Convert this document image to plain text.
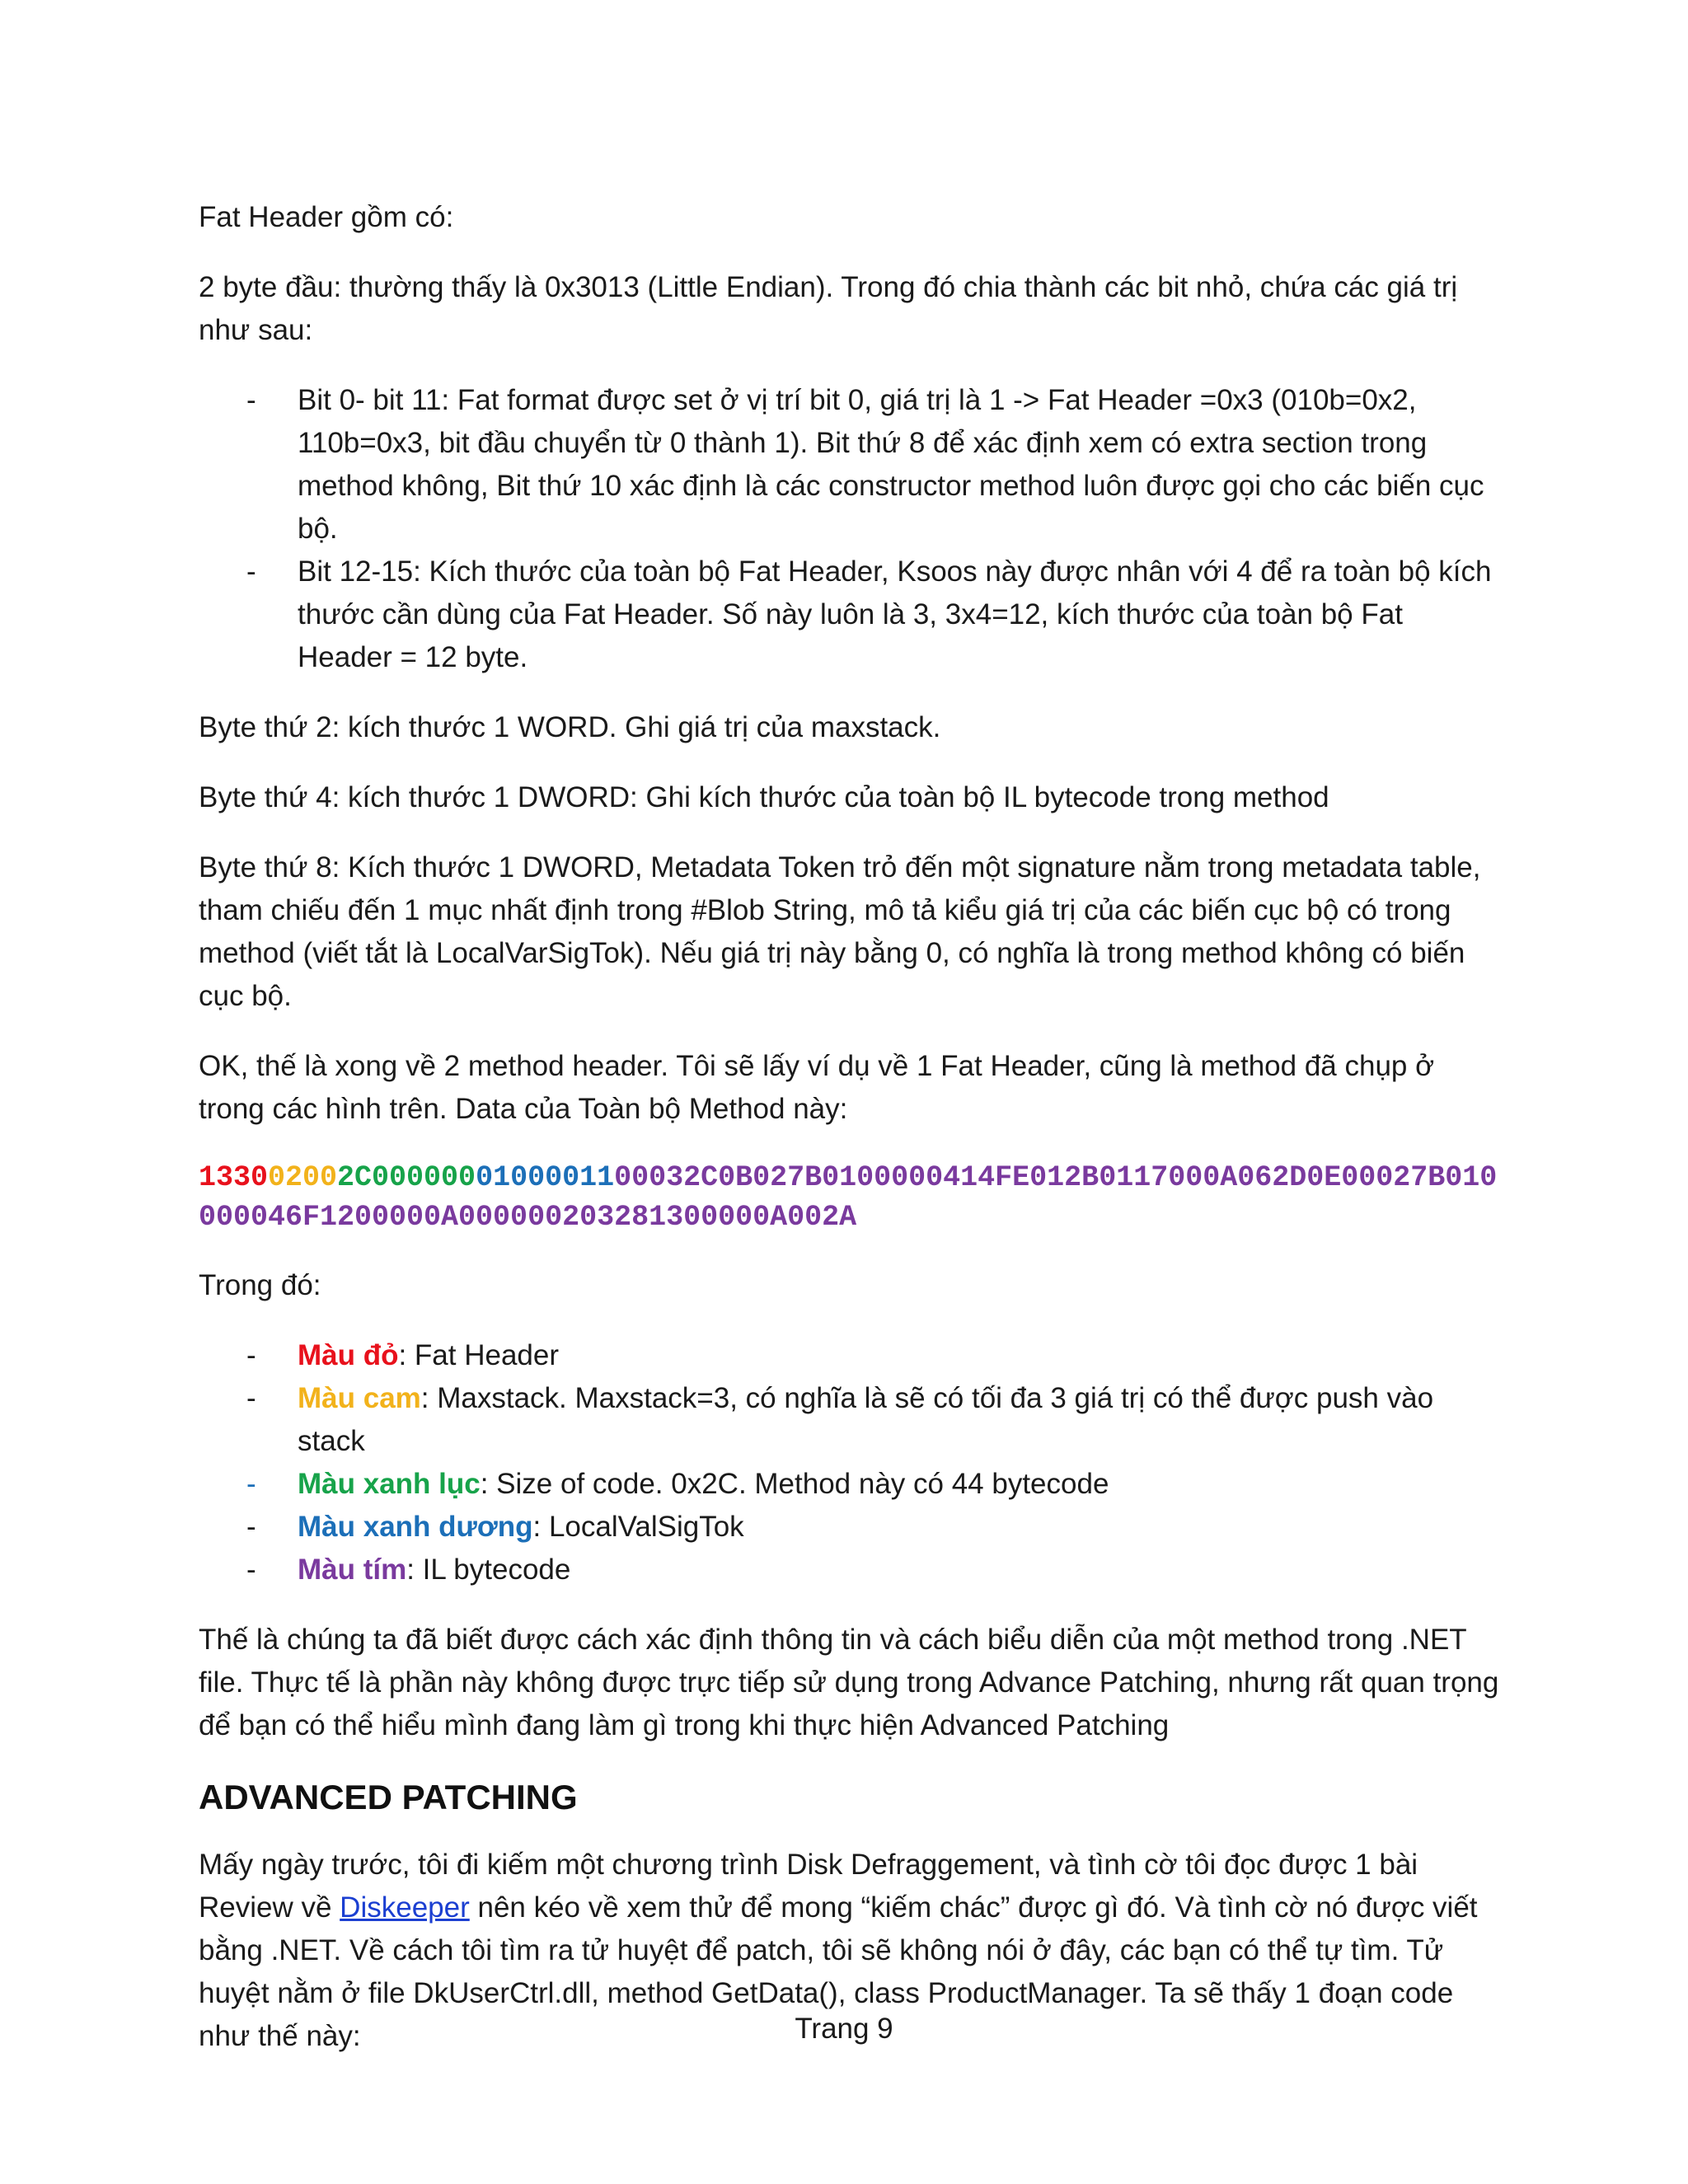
Fat Header gồm có:

2 byte đầu: thường thấy là 0x3013 (Little Endian). Trong đó chia thành các bit nhỏ, chứa các giá trị như sau:

- Bit 0- bit 11: Fat format được set ở vị trí bit 0, giá trị là 1 -> Fat Header =0x3 (010b=0x2, 110b=0x3, bit đầu chuyển từ 0 thành 1). Bit thứ 8 để xác định xem có extra section trong method không, Bit thứ 10 xác định là các constructor method luôn được gọi cho các biến cục bộ.
- Bit 12-15: Kích thước của toàn bộ Fat Header, Ksoos này được nhân với 4 để ra toàn bộ kích thước cần dùng của Fat Header. Số này luôn là 3, 3x4=12, kích thước của toàn bộ Fat Header = 12 byte.

Byte thứ 2: kích thước 1 WORD. Ghi giá trị của maxstack.

Byte thứ 4: kích thước 1 DWORD: Ghi kích thước của toàn bộ IL bytecode trong method

Byte thứ 8: Kích thước 1 DWORD, Metadata Token trỏ đến một signature nằm trong metadata table, tham chiếu đến 1 mục nhất định trong #Blob String, mô tả kiểu giá trị của các biến cục bộ có trong method (viết tắt là LocalVarSigTok). Nếu giá trị này bằng 0, có nghĩa là trong method không có biến cục bộ.

OK, thế là xong về 2 method header. Tôi sẽ lấy ví dụ về 1 Fat Header, cũng là method đã chụp ở trong các hình trên. Data của Toàn bộ Method này:

133002002C0000000100001100032C0B027B0100000414FE012B0117000A062D0E00027B010000046F1200000A000000203281300000A002A

Trong đó:

- Màu đỏ: Fat Header
- Màu cam: Maxstack. Maxstack=3, có nghĩa là sẽ có tối đa 3 giá trị có thể được push vào stack
- Màu xanh lục: Size of code. 0x2C. Method này có 44 bytecode
- Màu xanh dương: LocalValSigTok
- Màu tím: IL bytecode

Thế là chúng ta đã biết được cách xác định thông tin và cách biểu diễn của một method trong .NET file. Thực tế là phần này không được trực tiếp sử dụng trong Advance Patching, nhưng rất quan trọng để bạn có thể hiểu mình đang làm gì trong khi thực hiện Advanced Patching

ADVANCED PATCHING

Mấy ngày trước, tôi đi kiếm một chương trình Disk Defraggement, và tình cờ tôi đọc được 1 bài Review về Diskeeper nên kéo về xem thử để mong “kiếm chác” được gì đó. Và tình cờ nó được viết bằng .NET. Về cách tôi tìm ra tử huyệt để patch, tôi sẽ không nói ở đây, các bạn có thể tự tìm. Tử huyệt nằm ở file DkUserCtrl.dll, method GetData(), class ProductManager. Ta sẽ thấy 1 đoạn code như thế này:	Trang 9
